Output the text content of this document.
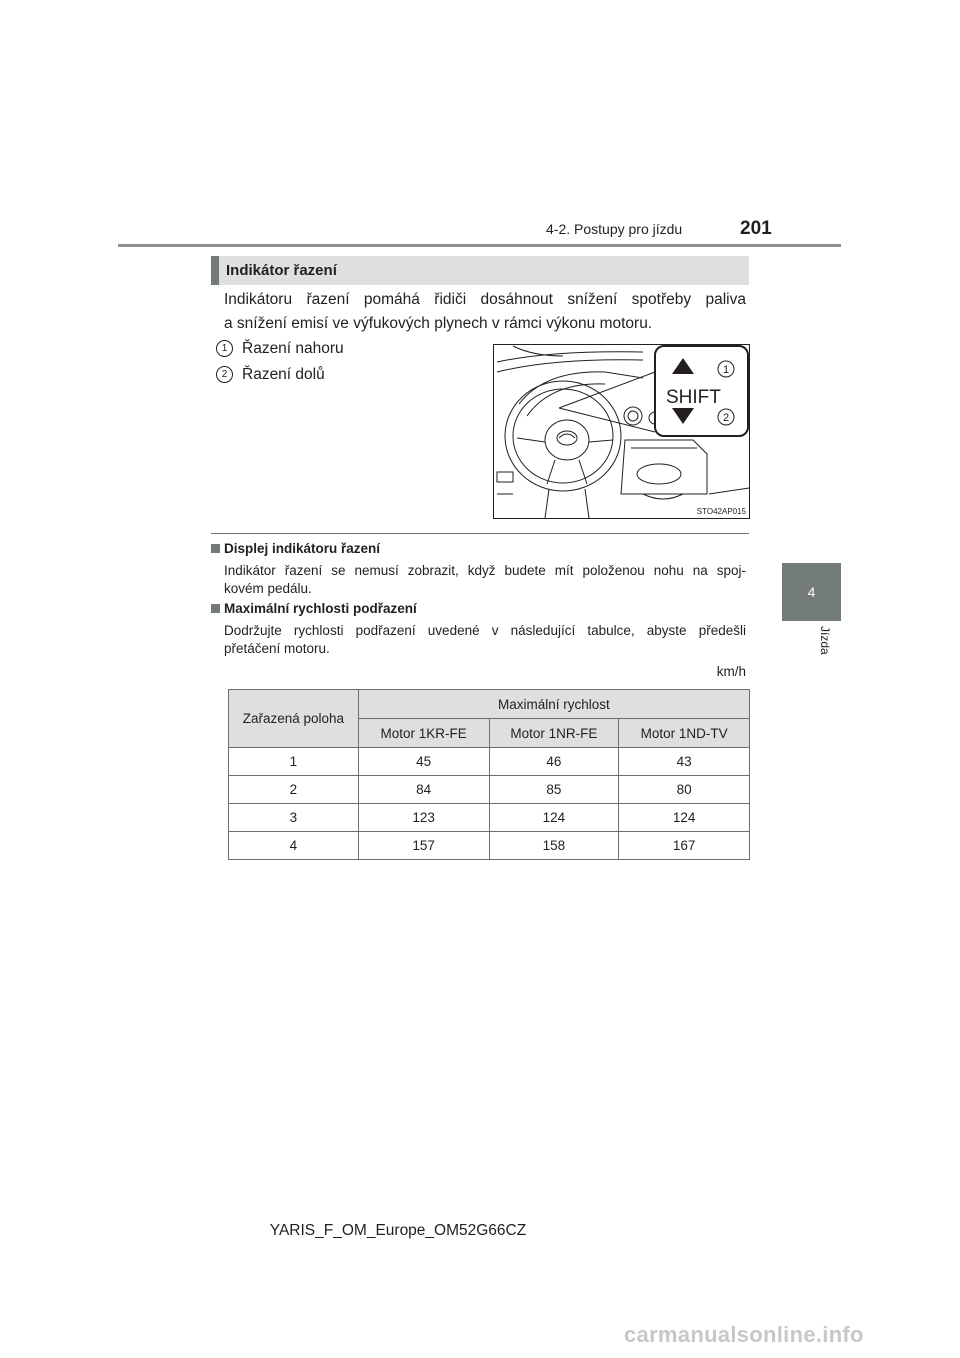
4-2. Postupy pro jízdu	201
4
Jízda
Indikátor řazení
Indikátoru řazení pomáhá řidiči dosáhnout snížení spotřeby paliva
a snížení emisí ve výfukových plynech v rámci výkonu motoru.
1 Řazení nahoru
2 Řazení dolů
SHIFT
1
2
STO42AP015
Displej indikátoru řazení
Indikátor řazení se nemusí zobrazit, když budete mít položenou nohu na spoj-
kovém pedálu.
Maximální rychlosti podřazení
Dodržujte rychlosti podřazení uvedené v následující tabulce, abyste předešli
přetáčení motoru.
km/h
Zařazená poloha	Maximální rychlost		
	Motor 1KR-FE	Motor 1NR-FE	Motor 1ND-TV
1	45	46	43
2	84	85	80
3	123	124	124
4	157	158	167
YARIS_F_OM_Europe_OM52G66CZ
carmanualsonline.info
